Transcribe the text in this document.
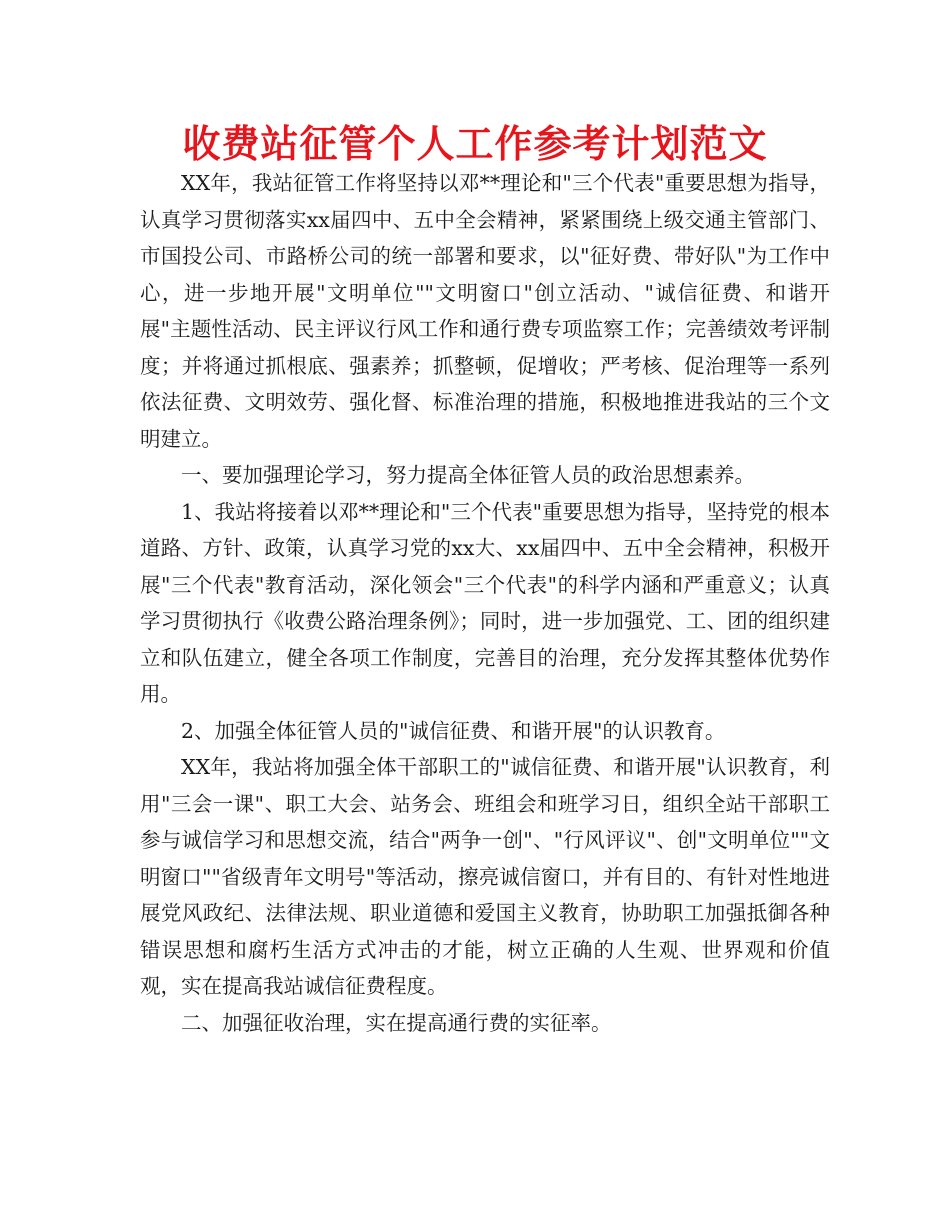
收费站征管个人工作参考计划范文

XX年，我站征管工作将坚持以邓**理论和"三个代表"重要思想为指导，认真学习贯彻落实xx届四中、五中全会精神，紧紧围绕上级交通主管部门、市国投公司、市路桥公司的统一部署和要求，以"征好费、带好队"为工作中心，进一步地开展"文明单位""文明窗口"创立活动、"诚信征费、和谐开展"主题性活动、民主评议行风工作和通行费专项监察工作；完善绩效考评制度；并将通过抓根底、强素养；抓整顿，促增收；严考核、促治理等一系列依法征费、文明效劳、强化督、标准治理的措施，积极地推进我站的三个文明建立。

一、要加强理论学习，努力提高全体征管人员的政治思想素养。

1、我站将接着以邓**理论和"三个代表"重要思想为指导，坚持党的根本道路、方针、政策，认真学习党的xx大、xx届四中、五中全会精神，积极开展"三个代表"教育活动，深化领会"三个代表"的科学内涵和严重意义；认真学习贯彻执行《收费公路治理条例》；同时，进一步加强党、工、团的组织建立和队伍建立，健全各项工作制度，完善目的治理，充分发挥其整体优势作用。

2、加强全体征管人员的"诚信征费、和谐开展"的认识教育。

XX年，我站将加强全体干部职工的"诚信征费、和谐开展"认识教育，利用"三会一课"、职工大会、站务会、班组会和班学习日，组织全站干部职工参与诚信学习和思想交流，结合"两争一创"、"行风评议"、创"文明单位""文明窗口""省级青年文明号"等活动，擦亮诚信窗口，并有目的、有针对性地进展党风政纪、法律法规、职业道德和爱国主义教育，协助职工加强抵御各种错误思想和腐朽生活方式冲击的才能，树立正确的人生观、世界观和价值观，实在提高我站诚信征费程度。

二、加强征收治理，实在提高通行费的实征率。
